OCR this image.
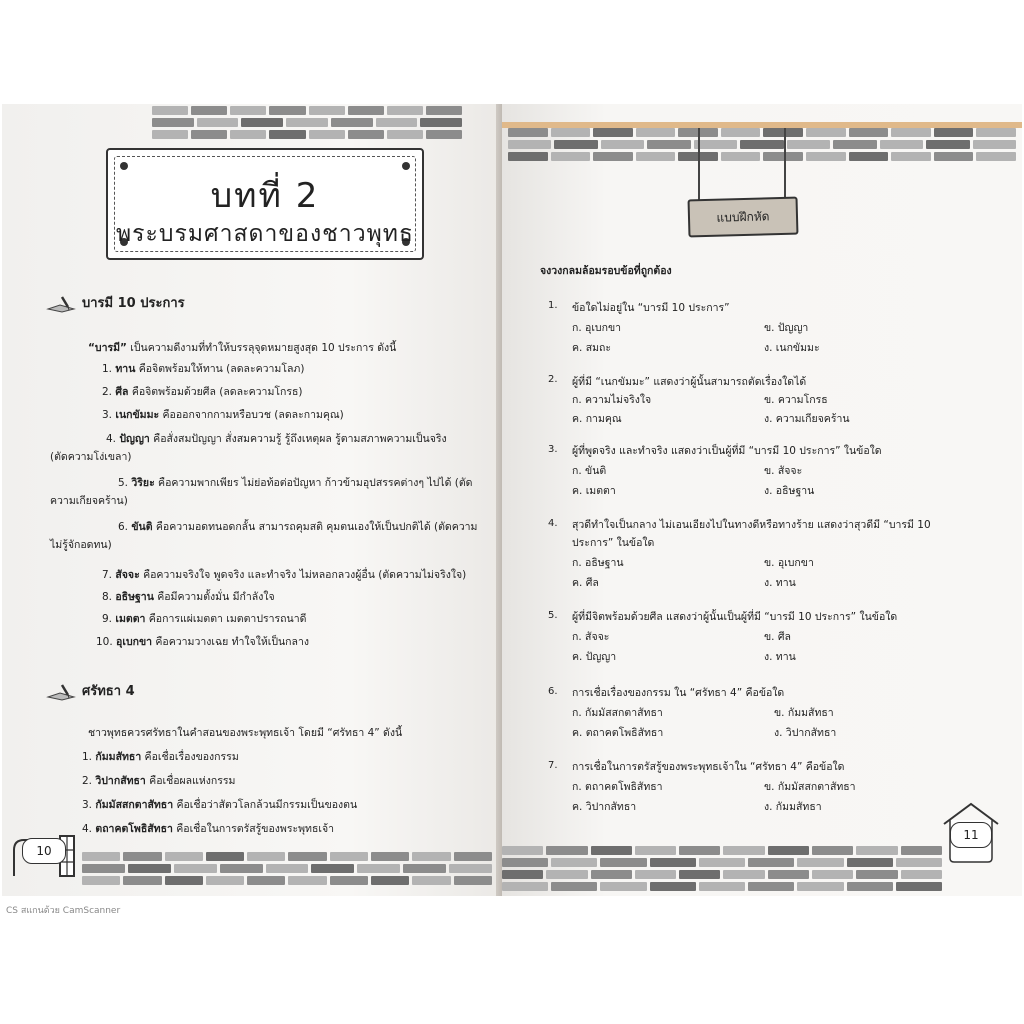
บทที่ 2
พระบรมศาสดาของชาวพุทธ
บารมี 10 ประการ
“บารมี” เป็นความดีงามที่ทำให้บรรลุจุดหมายสูงสุด 10 ประการ ดังนี้
1. ทาน คือจิตพร้อมให้ทาน (ลดละความโลภ)
2. ศีล คือจิตพร้อมด้วยศีล (ลดละความโกรธ)
3. เนกขัมมะ คือออกจากกามหรือบวช (ลดละกามคุณ)
4. ปัญญา คือสั่งสมปัญญา สั่งสมความรู้ รู้ถึงเหตุผล รู้ตามสภาพความเป็นจริง
(ตัดความโง่เขลา)
5. วิริยะ คือความพากเพียร ไม่ย่อท้อต่อปัญหา ก้าวข้ามอุปสรรคต่างๆ ไปได้ (ตัด
ความเกียจคร้าน)
6. ขันติ คือความอดทนอดกลั้น สามารถคุมสติ คุมตนเองให้เป็นปกติได้ (ตัดความ
ไม่รู้จักอดทน)
7. สัจจะ คือความจริงใจ พูดจริง และทำจริง ไม่หลอกลวงผู้อื่น (ตัดความไม่จริงใจ)
8. อธิษฐาน คือมีความตั้งมั่น มีกำลังใจ
9. เมตตา คือการแผ่เมตตา เมตตาปรารถนาดี
10. อุเบกขา คือความวางเฉย ทำใจให้เป็นกลาง
ศรัทธา 4
ชาวพุทธควรศรัทธาในคำสอนของพระพุทธเจ้า โดยมี “ศรัทธา 4” ดังนี้
1. กัมมสัทธา คือเชื่อเรื่องของกรรม
2. วิปากสัทธา คือเชื่อผลแห่งกรรม
3. กัมมัสสกตาสัทธา คือเชื่อว่าสัตวโลกล้วนมีกรรมเป็นของตน
4. ตถาคตโพธิสัทธา คือเชื่อในการตรัสรู้ของพระพุทธเจ้า
10
แบบฝึกหัด
จงวงกลมล้อมรอบข้อที่ถูกต้อง
1. ข้อใดไม่อยู่ใน “บารมี 10 ประการ”
ก. อุเบกขา	ข. ปัญญา
ค. สมถะ	ง. เนกขัมมะ
2. ผู้ที่มี “เนกขัมมะ” แสดงว่าผู้นั้นสามารถตัดเรื่องใดได้
ก. ความไม่จริงใจ	ข. ความโกรธ
ค. กามคุณ	ง. ความเกียจคร้าน
3. ผู้ที่พูดจริง และทำจริง แสดงว่าเป็นผู้ที่มี “บารมี 10 ประการ” ในข้อใด
ก. ขันติ	ข. สัจจะ
ค. เมตตา	ง. อธิษฐาน
4. สุวดีทำใจเป็นกลาง ไม่เอนเอียงไปในทางดีหรือทางร้าย แสดงว่าสุวดีมี “บารมี 10
ประการ” ในข้อใด
ก. อธิษฐาน	ข. อุเบกขา
ค. ศีล	ง. ทาน
5. ผู้ที่มีจิตพร้อมด้วยศีล แสดงว่าผู้นั้นเป็นผู้ที่มี “บารมี 10 ประการ” ในข้อใด
ก. สัจจะ	ข. ศีล
ค. ปัญญา	ง. ทาน
6. การเชื่อเรื่องของกรรม ใน “ศรัทธา 4” คือข้อใด
ก. กัมมัสสกตาสัทธา	ข. กัมมสัทธา
ค. ตถาคตโพธิสัทธา	ง. วิปากสัทธา
7. การเชื่อในการตรัสรู้ของพระพุทธเจ้าใน “ศรัทธา 4” คือข้อใด
ก. ตถาคตโพธิสัทธา	ข. กัมมัสสกตาสัทธา
ค. วิปากสัทธา	ง. กัมมสัทธา
11
CS สแกนด้วย CamScanner
